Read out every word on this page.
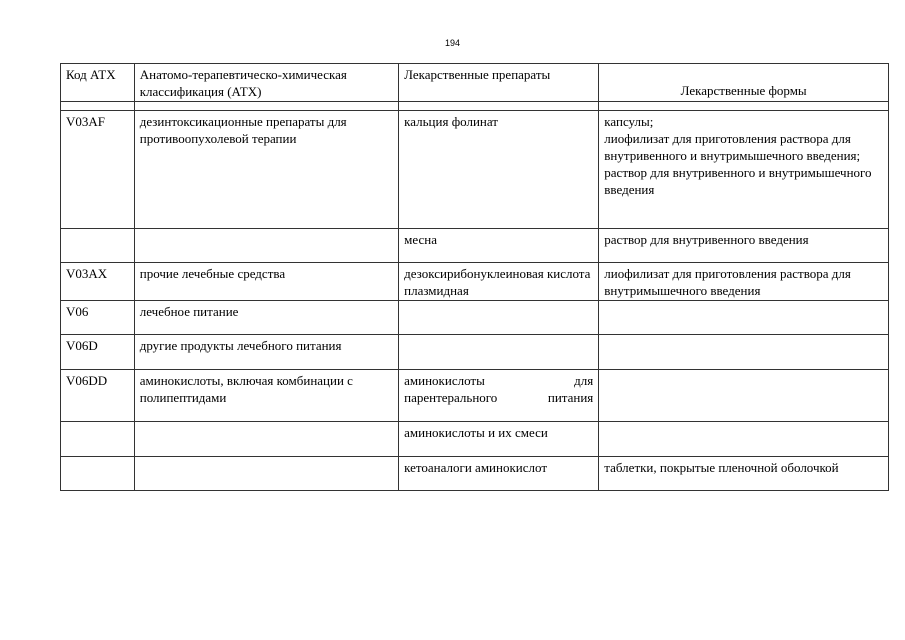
194
Код АТХ	Анатомо-терапевтическо-химическая классификация (АТХ)	Лекарственные препараты	Лекарственные формы

V03AF	дезинтоксикационные препараты для противоопухолевой терапии	кальция фолинат	капсулы;
лиофилизат для приготовления раствора для внутривенного и внутримышечного введения;
раствор для внутривенного и внутримышечного введения

		месна	раствор для внутривенного введения

V03AX	прочие лечебные средства	дезоксирибонуклеиновая кислота плазмидная	лиофилизат для приготовления раствора для внутримышечного введения

V06	лечебное питание		
V06D	другие продукты лечебного питания		
V06DD	аминокислоты, включая комбинации с полипептидами	аминокислоты для парентерального питания	
		аминокислоты и их смеси	
		кетоаналоги аминокислот	таблетки, покрытые пленочной оболочкой
